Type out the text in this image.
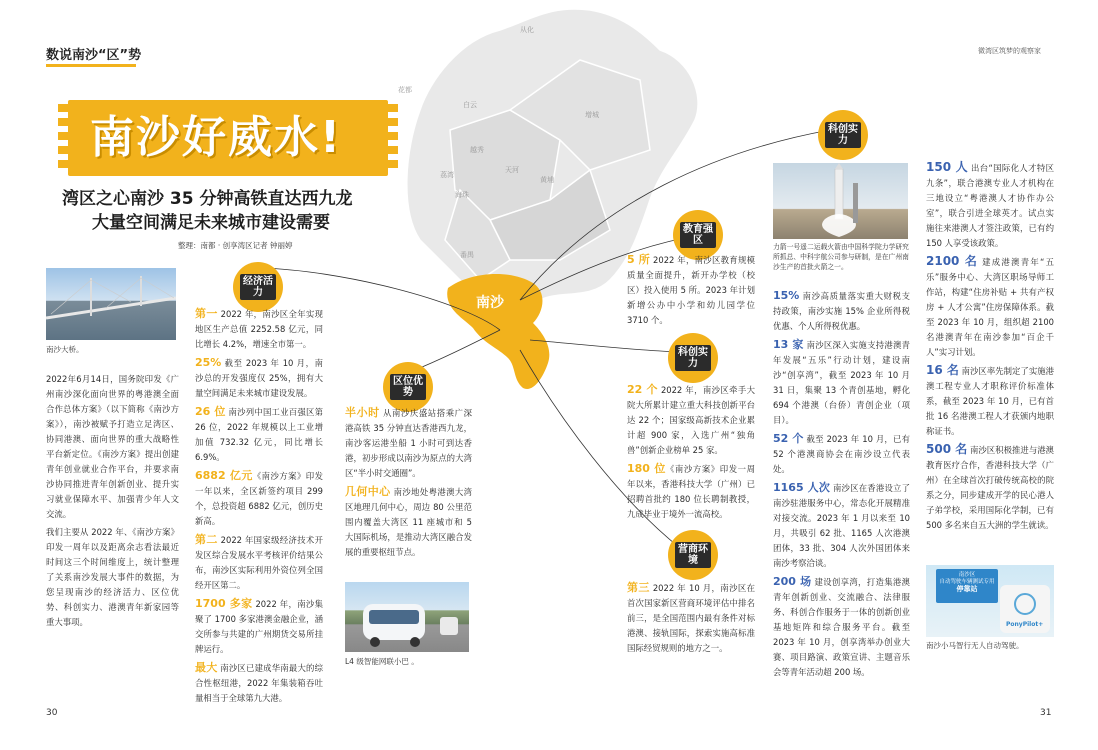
花都
从化
增城
白云
天河
黄埔
越秀
荔湾
海珠
番禺
南沙
数说南沙“区”势	微湾区筑梦的观察家
南沙好威水!
湾区之心南沙 35 分钟高铁直达西九龙
大量空间满足未来城市建设需要
整理：南都 · 创享湾区记者 钟丽婷
南沙大桥。

2022年6月14日，国务院印发《广州南沙深化面向世界的粤港澳全面合作总体方案》（以下简称《南沙方案》），南沙被赋予打造立足湾区、协同港澳、面向世界的重大战略性平台新定位。《南沙方案》提出创建青年创业就业合作平台，并要求南沙协同推进青年创新创业、提升实习就业保障水平、加强青少年人文交流。

我们主要从 2022 年、《南沙方案》印发一周年以及距离余志看法最近时间这三个时间维度上，统计整理了关系南沙发展大事件的数据，为您呈现南沙的经济活力、区位优势、科创实力、港澳青年新家园等重大事项。

经济活力

第一 2022 年，南沙区全年实现地区生产总值 2252.58 亿元，同比增长 4.2%，增速全市第一。

25% 截至 2023 年 10 月，南沙总的开发强度仅 25%，拥有大量空间满足未来城市建设发展。

26 位 南沙列中国工业百强区第 26 位，2022 年规模以上工业增加值 732.32 亿元，同比增长 6.9%。

6882 亿元《南沙方案》印发一年以来，全区新签约项目 299 个，总投资超 6882 亿元，创历史新高。

第二 2022 年国家级经济技术开发区综合发展水平考核评价结果公布，南沙区实际利用外资位列全国经开区第二。

1700 多家 2022 年，南沙集聚了 1700 多家港澳金融企业，涵交所参与共建的广州期货交易所挂牌运行。

最大 南沙区已建成华南最大的综合性枢纽港，2022 年集装箱吞吐量相当于全球第九大港。

区位优势

半小时 从南沙庆盛站搭乘广深港高铁 35 分钟直达香港西九龙，南沙客运港坐船 1 小时可到达香港，初步形成以南沙为原点的大湾区“半小时交通圈”。

几何中心 南沙地处粤港澳大湾区地理几何中心，周边 80 公里范围内覆盖大湾区 11 座城市和 5 大国际机场，是推动大湾区融合发展的重要枢纽节点。

L4 级智能网联小巴 。
教育强区

5 所 2022 年，南沙区教育规模质量全面提升，新开办学校（校区）投入使用 5 所。2023 年计划新增公办中小学和幼儿园学位 3710 个。

科创实力

22 个 2022 年，南沙区牵手大院大所累计建立重大科技创新平台达 22 个；国家级高新技术企业累计超 900 家，入选广州“独角兽”创新企业榜单 25 家。

180 位《南沙方案》印发一周年以来，香港科技大学（广州）已招聘首批约 180 位长聘制教授，九成毕业于境外一流高校。

营商环境

第三 2022 年 10 月，南沙区在首次国家新区营商环境评估中排名前三，是全国范围内最有条件对标港澳、接轨国际，探索实施高标准国际经贸规则的地方之一。

科创实力
力箭一号遥二运载火箭由中国科学院力学研究所抓总、中科宇航公司参与研制，是在广州南沙生产的首批火箭之一。

15% 南沙高质量落实重大财税支持政策，南沙实施 15% 企业所得税优惠、个人所得税优惠。

13 家 南沙区深入实施支持港澳青年发展“五乐”行动计划，建设南沙“创享湾”，截至 2023 年 10 月 31 日，集聚 13 个青创基地，孵化 694 个港澳（台侨）青创企业（项目）。

52 个 截至 2023 年 10 月，已有 52 个港澳商协会在南沙设立代表处。

1165 人次 南沙区在香港设立了南沙驻港服务中心，常态化开展精准对接交流。2023 年 1 月以来至 10 月，共吸引 62 批、1165 人次港澳团体，33 批、304 人次外国团体来南沙考察洽谈。

200 场 建设创享湾，打造集港澳青年创新创业、交流融合、法律服务、科创合作服务于一体的创新创业基地矩阵和综合服务平台。截至 2023 年 10 月，创享湾举办创业大赛、项目路演、政策宣讲、主题音乐会等青年活动超 200 场。

150 人 出台“国际化人才特区九条”，联合港澳专业人才机构在三地设立“粤港澳人才协作办公室”，联合引进全球英才。试点实施往来港澳人才签注政策，已有约 150 人享受该政策。

2100 名 建成港澳青年“五乐”服务中心、大湾区职场导师工作站，构建“住房补贴 + 共有产权房 + 人才公寓”住房保障体系。截至 2023 年 10 月，组织超 2100 名港澳青年在南沙参加“百企千人”实习计划。

16 名 南沙区率先制定了实施港澳工程专业人才职称评价标准体系，截至 2023 年 10 月，已有首批 16 名港澳工程人才获颁内地职称证书。

500 名 南沙区积极推进与港澳教育医疗合作，香港科技大学（广州）在全球首次打破传统高校的院系之分，同步建成开学的民心港人子弟学校，采用国际化学制，已有 500 多名来自五大洲的学生就读。

南沙区
自动驾驶车辆测试专用
停靠站
PonyPilot+
南沙小马智行无人自动驾驶。
30	31
